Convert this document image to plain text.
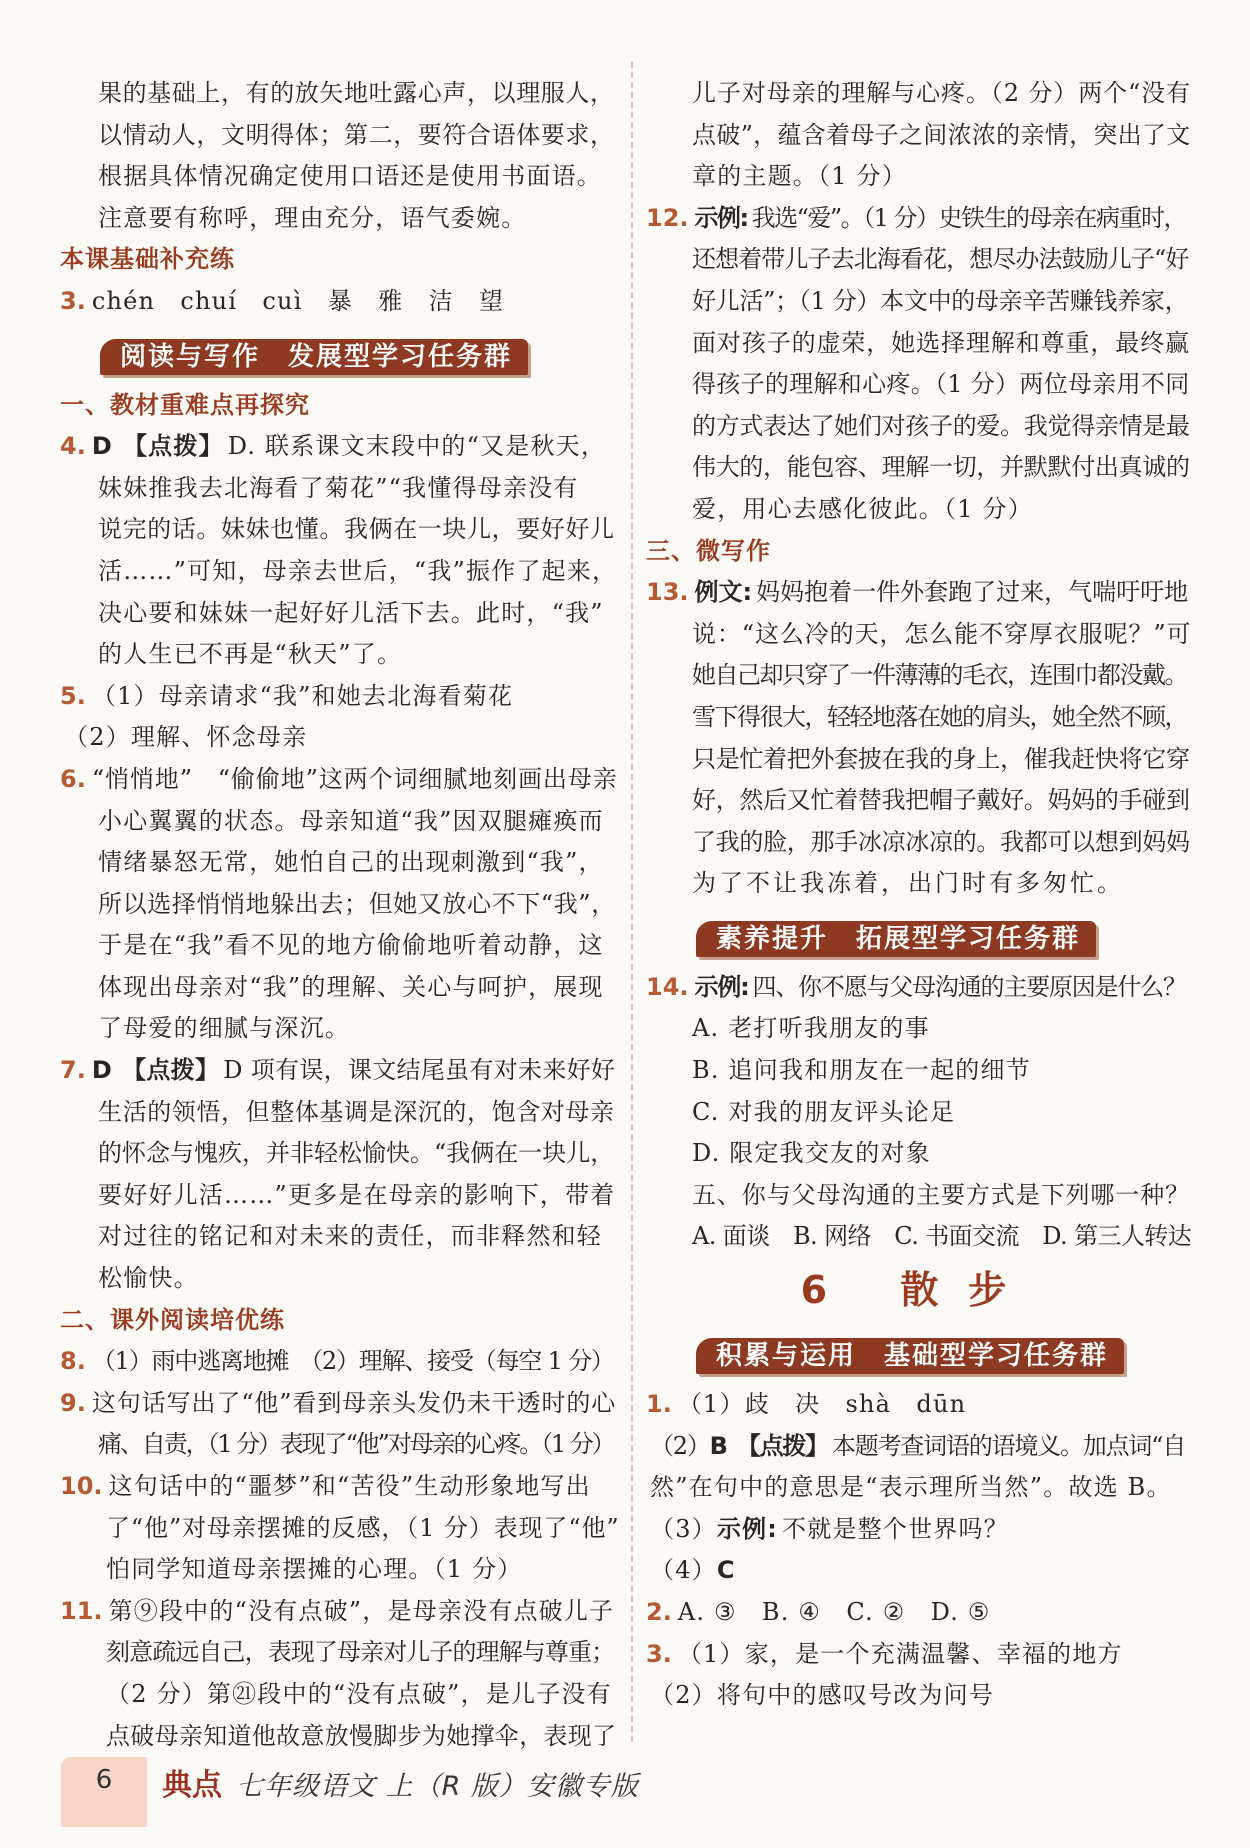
果的基础上，有的放矢地吐露心声，以理服人，
以情动人，文明得体；第二，要符合语体要求，
根据具体情况确定使用口语还是使用书面语。
注意要有称呼，理由充分，语气委婉。
本课基础补充练
3. chén　chuí　cuì　暴　雅　洁　望
阅读与写作　发展型学习任务群
一、教材重难点再探究
4. D 【点拨】 D. 联系课文末段中的“又是秋天，
妹妹推我去北海看了菊花”“我懂得母亲没有
说完的话。妹妹也懂。我俩在一块儿，要好好儿
活……”可知，母亲去世后，“我”振作了起来，
决心要和妹妹一起好好儿活下去。此时，“我”
的人生已不再是“秋天”了。
5. （1）母亲请求“我”和她去北海看菊花
（2）理解、怀念母亲
6. “悄悄地”　“偷偷地”这两个词细腻地刻画出母亲
小心翼翼的状态。母亲知道“我”因双腿瘫痪而
情绪暴怒无常，她怕自己的出现刺激到“我”，
所以选择悄悄地躲出去；但她又放心不下“我”，
于是在“我”看不见的地方偷偷地听着动静，这
体现出母亲对“我”的理解、关心与呵护，展现
了母爱的细腻与深沉。
7. D 【点拨】 D 项有误，课文结尾虽有对未来好好
生活的领悟，但整体基调是深沉的，饱含对母亲
的怀念与愧疚，并非轻松愉快。“我俩在一块儿，
要好好儿活……”更多是在母亲的影响下，带着
对过往的铭记和对未来的责任，而非释然和轻
松愉快。
二、课外阅读培优练
8. （1）雨中逃离地摊　（2）理解、接受（每空 1 分）
9. 这句话写出了“他”看到母亲头发仍未干透时的心
痛、自责，（1 分）表现了“他”对母亲的心疼。（1 分）
10. 这句话中的“噩梦”和“苦役”生动形象地写出
了“他”对母亲摆摊的反感，（1 分）表现了“他”
怕同学知道母亲摆摊的心理。（1 分）
11. 第⑨段中的“没有点破”，是母亲没有点破儿子
刻意疏远自己，表现了母亲对儿子的理解与尊重；
（2 分）第㉑段中的“没有点破”，是儿子没有
点破母亲知道他故意放慢脚步为她撑伞，表现了
儿子对母亲的理解与心疼。（2 分）两个“没有
点破”，蕴含着母子之间浓浓的亲情，突出了文
章的主题。（1 分）
12. 示例: 我选“爱”。（1 分）史铁生的母亲在病重时，
还想着带儿子去北海看花，想尽办法鼓励儿子“好
好儿活”；（1 分）本文中的母亲辛苦赚钱养家，
面对孩子的虚荣，她选择理解和尊重，最终赢
得孩子的理解和心疼。（1 分）两位母亲用不同
的方式表达了她们对孩子的爱。我觉得亲情是最
伟大的，能包容、理解一切，并默默付出真诚的
爱，用心去感化彼此。（1 分）
三、微写作
13. 例文: 妈妈抱着一件外套跑了过来，气喘吁吁地
说：“这么冷的天，怎么能不穿厚衣服呢？”可
她自己却只穿了一件薄薄的毛衣，连围巾都没戴。
雪下得很大，轻轻地落在她的肩头，她全然不顾，
只是忙着把外套披在我的身上，催我赶快将它穿
好，然后又忙着替我把帽子戴好。妈妈的手碰到
了我的脸，那手冰凉冰凉的。我都可以想到妈妈
为了不让我冻着，出门时有多匆忙。
素养提升　拓展型学习任务群
14. 示例: 四、你不愿与父母沟通的主要原因是什么？
A. 老打听我朋友的事
B. 追问我和朋友在一起的细节
C. 对我的朋友评头论足
D. 限定我交友的对象
五、你与父母沟通的主要方式是下列哪一种？
A. 面谈　B. 网络　C. 书面交流　D. 第三人转达
6 散步
积累与运用　基础型学习任务群
1. （1）歧　决　shà　dūn
（2）B 【点拨】 本题考查词语的语境义。加点词“自
然”在句中的意思是“表示理所当然”。故选 B。
（3）示例: 不就是整个世界吗？
（4）C
2. A. ③　B. ④　C. ②　D. ⑤
3. （1）家，是一个充满温馨、幸福的地方
（2）将句中的感叹号改为问号
6	典点 七年级语文 上（R 版）安徽专版
